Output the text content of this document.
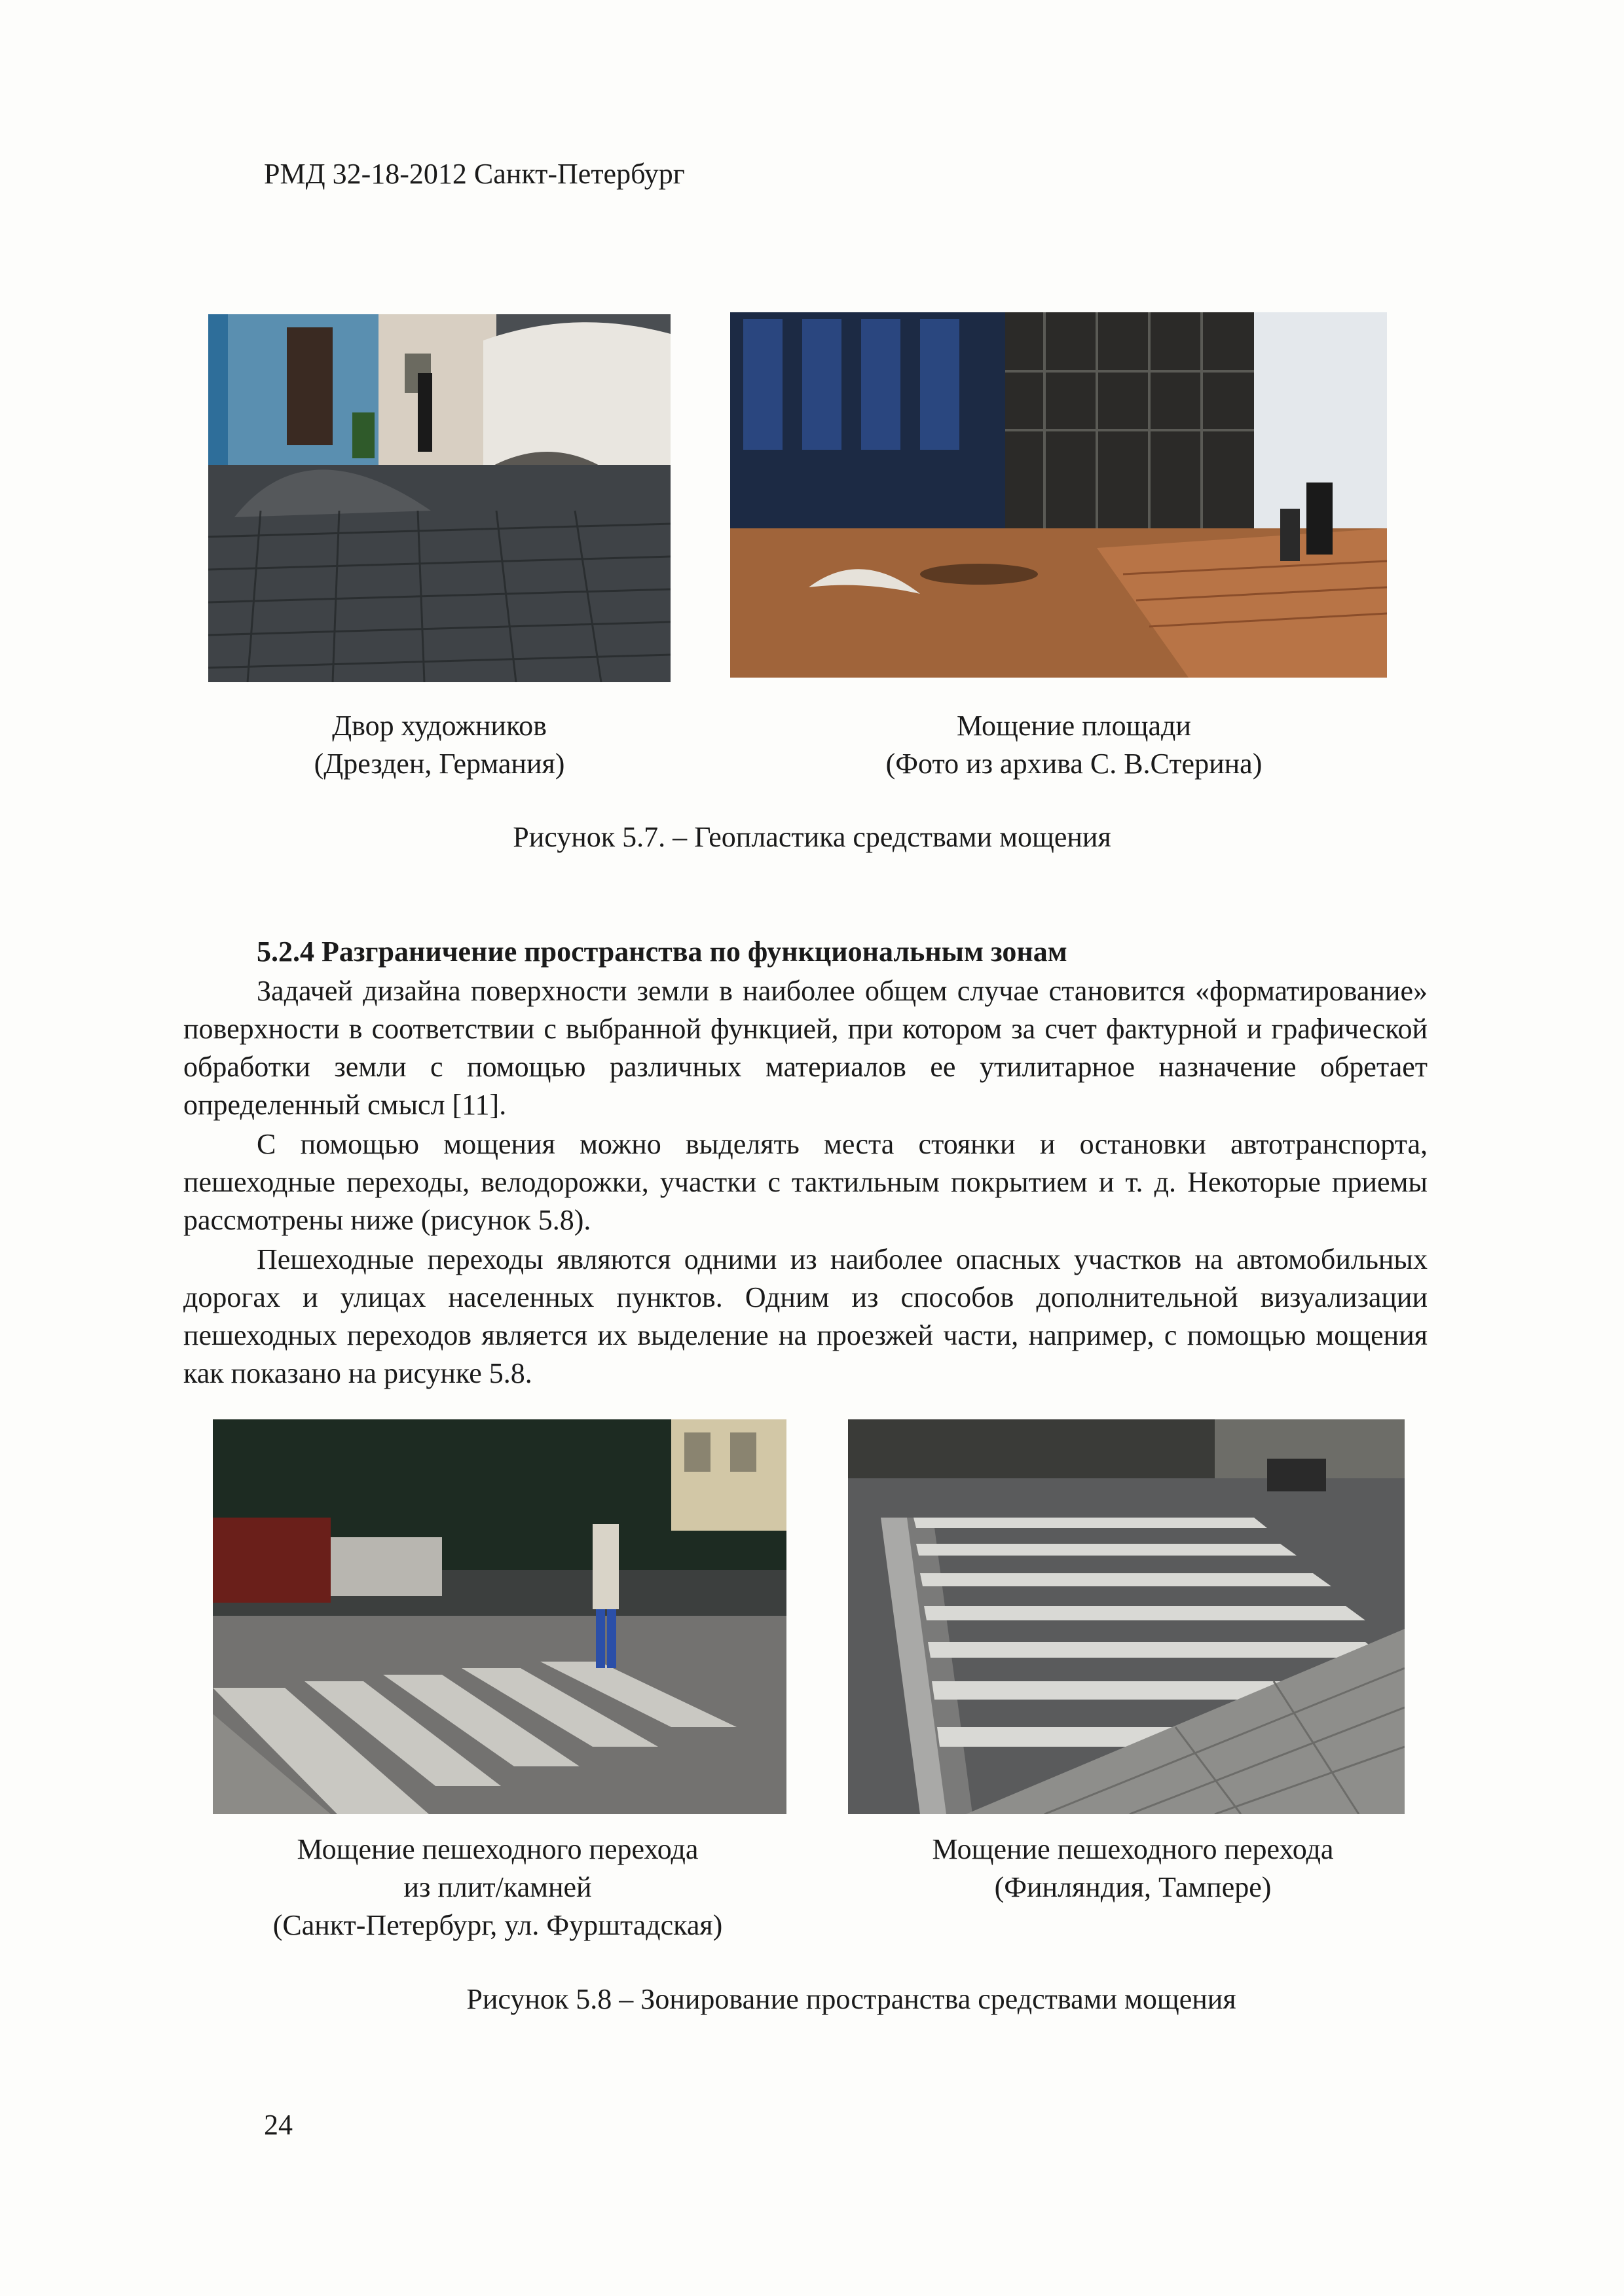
РМД 32-18-2012 Санкт-Петербург
Двор художников
(Дрезден, Германия)
Мощение площади
(Фото из архива С. В.Стерина)
Рисунок 5.7. – Геопластика средствами мощения
5.2.4 Разграничение пространства по функциональным зонам

Задачей дизайна поверхности земли в наиболее общем случае становится «форматирование» поверхности в соответствии с выбранной функцией, при котором за счет фактурной и графической обработки земли с помощью различных материалов ее утилитарное назначение обретает определенный смысл [11].

С помощью мощения можно выделять места стоянки и остановки автотранспорта, пешеходные переходы, велодорожки, участки с тактильным покрытием и т. д. Некоторые приемы рассмотрены ниже (рисунок 5.8).

Пешеходные переходы являются одними из наиболее опасных участков на автомобильных дорогах и улицах населенных пунктов. Одним из способов дополнительной визуализации пешеходных переходов является их выделение на проезжей части, например, с помощью мощения как показано на рисунке 5.8.

Мощение пешеходного перехода
из плит/камней
(Санкт-Петербург, ул. Фурштадская)
Мощение пешеходного перехода
(Финляндия, Тампере)
Рисунок 5.8 – Зонирование пространства средствами мощения
24
